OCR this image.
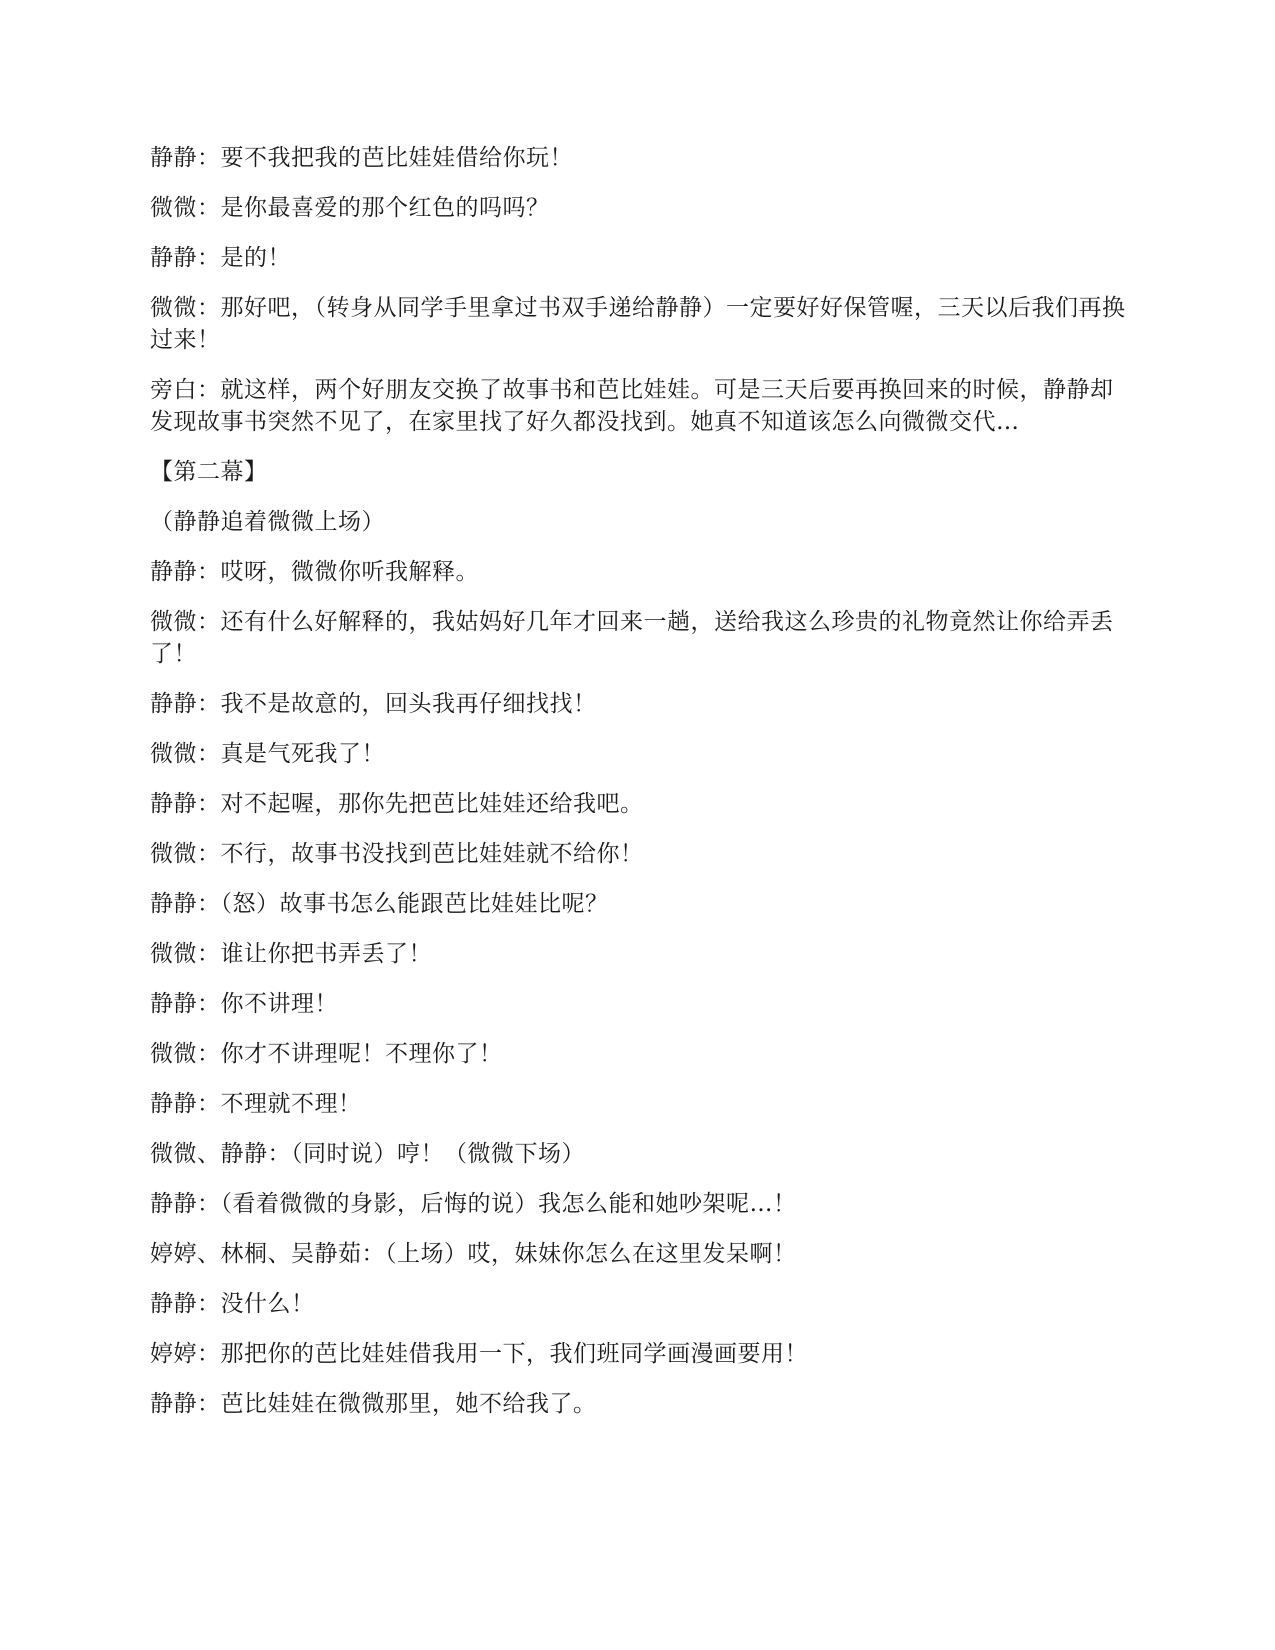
静静：要不我把我的芭比娃娃借给你玩！

微微：是你最喜爱的那个红色的吗吗？

静静：是的！

微微：那好吧，（转身从同学手里拿过书双手递给静静）一定要好好保管喔，三天以后我们再换过来！

旁白：就这样，两个好朋友交换了故事书和芭比娃娃。可是三天后要再换回来的时候，静静却发现故事书突然不见了，在家里找了好久都没找到。她真不知道该怎么向微微交代…

【第二幕】

（静静追着微微上场）

静静：哎呀，微微你听我解释。

微微：还有什么好解释的，我姑妈好几年才回来一趟，送给我这么珍贵的礼物竟然让你给弄丢了！

静静：我不是故意的，回头我再仔细找找！

微微：真是气死我了！

静静：对不起喔，那你先把芭比娃娃还给我吧。

微微：不行，故事书没找到芭比娃娃就不给你！

静静：（怒）故事书怎么能跟芭比娃娃比呢？

微微：谁让你把书弄丢了！

静静：你不讲理！

微微：你才不讲理呢！不理你了！

静静：不理就不理！

微微、静静：（同时说）哼！（微微下场）

静静：（看着微微的身影，后悔的说）我怎么能和她吵架呢…！

婷婷、林桐、吴静茹：（上场）哎，妹妹你怎么在这里发呆啊！

静静：没什么！

婷婷：那把你的芭比娃娃借我用一下，我们班同学画漫画要用！

静静：芭比娃娃在微微那里，她不给我了。
